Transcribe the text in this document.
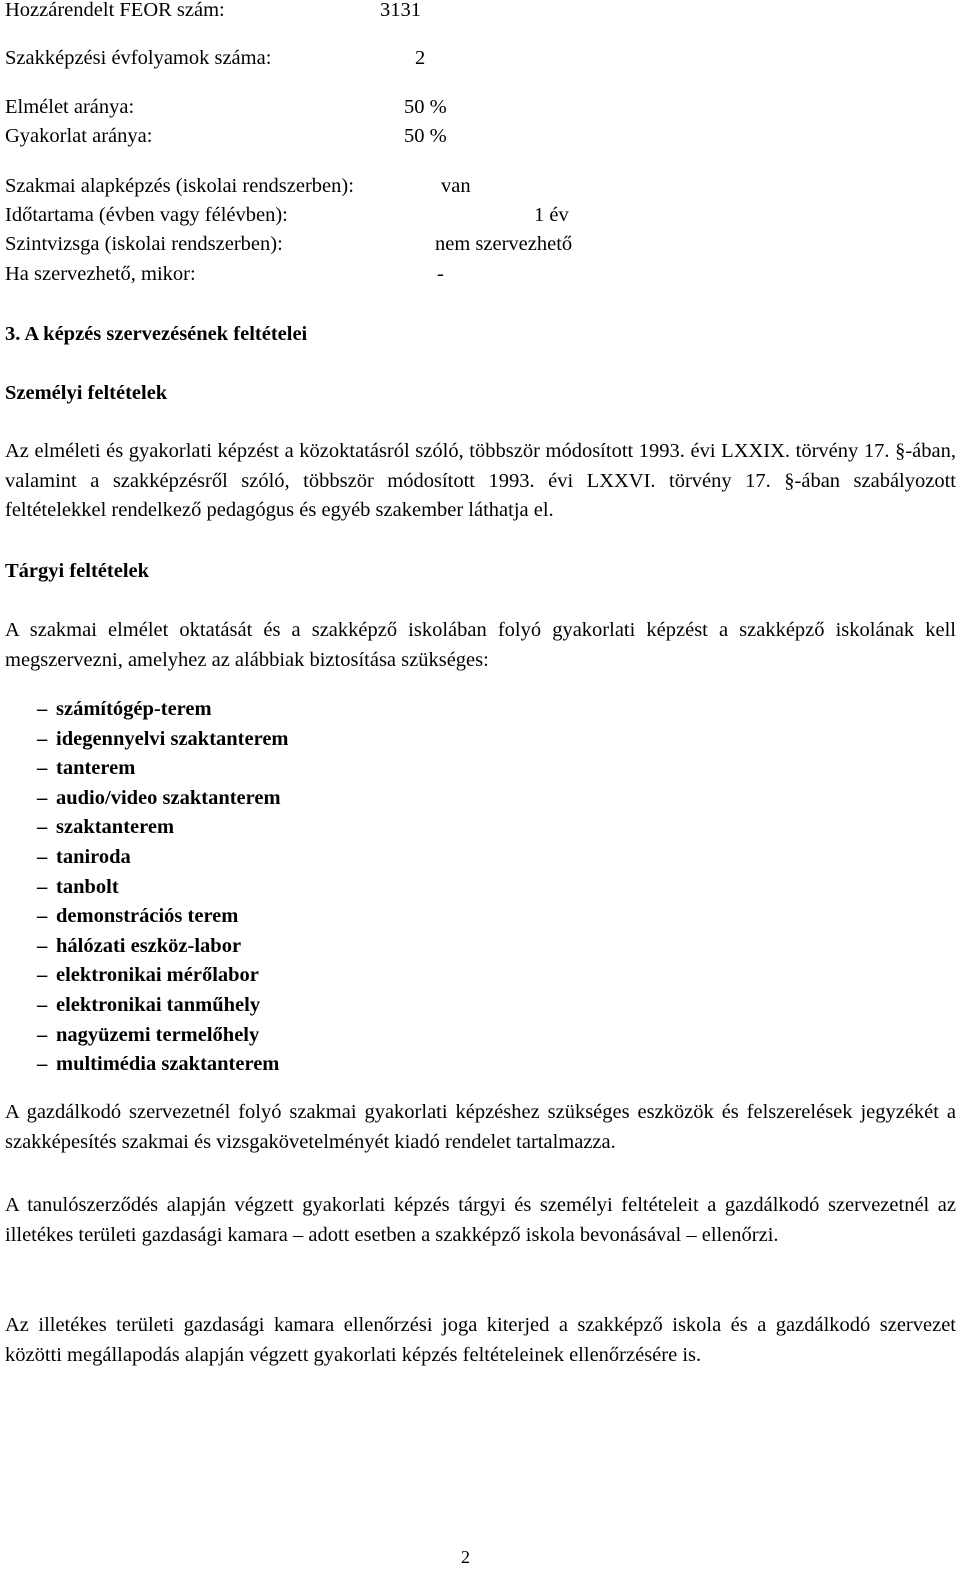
Hozzárendelt FEOR szám:	3131
Szakképzési évfolyamok száma:	2
Elmélet aránya:	50 %
Gyakorlat aránya:	50 %
Szakmai alapképzés (iskolai rendszerben):	van
Időtartama (évben vagy félévben):	1 év
Szintvizsga (iskolai rendszerben):	nem szervezhető
Ha szervezhető, mikor:	-
3. A képzés szervezésének feltételei
Személyi feltételek
Az elméleti és gyakorlati képzést a közoktatásról szóló, többször módosított 1993. évi LXXIX. törvény 17. §-ában, valamint a szakképzésről szóló, többször módosított 1993. évi LXXVI. törvény 17. §-ában szabályozott feltételekkel rendelkező pedagógus és egyéb szakember láthatja el.
Tárgyi feltételek
A szakmai elmélet oktatását és a szakképző iskolában folyó gyakorlati képzést a szakképző iskolának kell megszervezni, amelyhez az alábbiak biztosítása szükséges:
– számítógép-terem
– idegennyelvi szaktanterem
– tanterem
– audio/video szaktanterem
– szaktanterem
– taniroda
– tanbolt
– demonstrációs terem
– hálózati eszköz-labor
– elektronikai mérőlabor
– elektronikai tanműhely
– nagyüzemi termelőhely
– multimédia szaktanterem
A gazdálkodó szervezetnél folyó szakmai gyakorlati képzéshez szükséges eszközök és felszerelések jegyzékét a szakképesítés szakmai és vizsgakövetelményét kiadó rendelet tartalmazza.
A tanulószerződés alapján végzett gyakorlati képzés tárgyi és személyi feltételeit a gazdálkodó szervezetnél az illetékes területi gazdasági kamara – adott esetben a szakképző iskola bevonásával – ellenőrzi.
Az illetékes területi gazdasági kamara ellenőrzési joga kiterjed a szakképző iskola és a gazdálkodó szervezet közötti megállapodás alapján végzett gyakorlati képzés feltételeinek ellenőrzésére is.
2
